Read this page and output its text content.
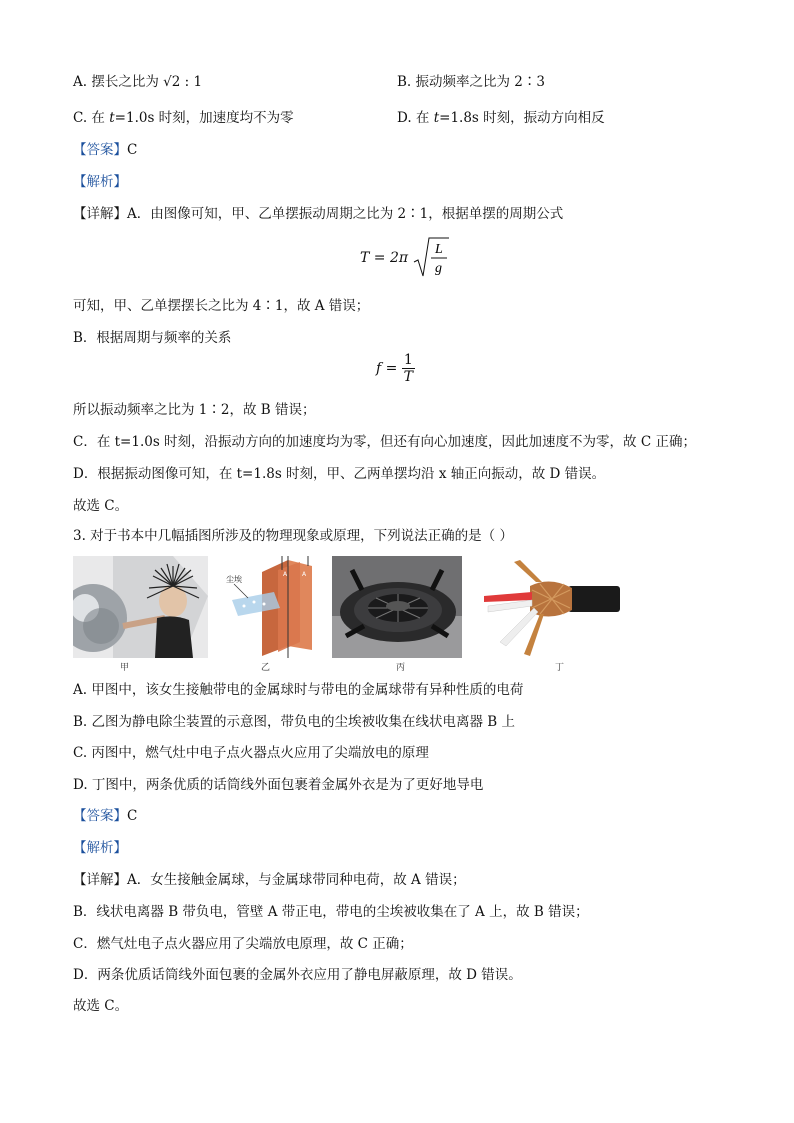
A. 摆长之比为 √2 : 1	B. 振动频率之比为 2∶3
C. 在 t=1.0s 时刻，加速度均不为零	D. 在 t=1.8s 时刻，振动方向相反
【答案】C
【解析】
【详解】A．由图像可知，甲、乙单摆振动周期之比为 2∶1，根据单摆的周期公式
T = 2π
L
g
可知，甲、乙单摆摆长之比为 4∶1，故 A 错误；
B．根据周期与频率的关系
$f = \frac{1}{T}$
所以振动频率之比为 1∶2，故 B 错误；
C．在 t=1.0s 时刻，沿振动方向的加速度均为零，但还有向心加速度，因此加速度不为零，故 C 正确；
D．根据振动图像可知，在 t=1.8s 时刻，甲、乙两单摆均沿 x 轴正向振动，故 D 错误。
故选 C。
3. 对于书本中几幅插图所涉及的物理现象或原理，下列说法正确的是（ ）
甲
尘埃
A A
乙	丙	丁
A. 甲图中，该女生接触带电的金属球时与带电的金属球带有异种性质的电荷
B. 乙图为静电除尘装置的示意图，带负电的尘埃被收集在线状电离器 B 上
C. 丙图中，燃气灶中电子点火器点火应用了尖端放电的原理
D. 丁图中，两条优质的话筒线外面包裹着金属外衣是为了更好地导电
【答案】C
【解析】
【详解】A．女生接触金属球，与金属球带同种电荷，故 A 错误；
B．线状电离器 B 带负电，管壁 A 带正电，带电的尘埃被收集在了 A 上，故 B 错误；
C．燃气灶电子点火器应用了尖端放电原理，故 C 正确；
D．两条优质话筒线外面包裹的金属外衣应用了静电屏蔽原理，故 D 错误。
故选 C。
